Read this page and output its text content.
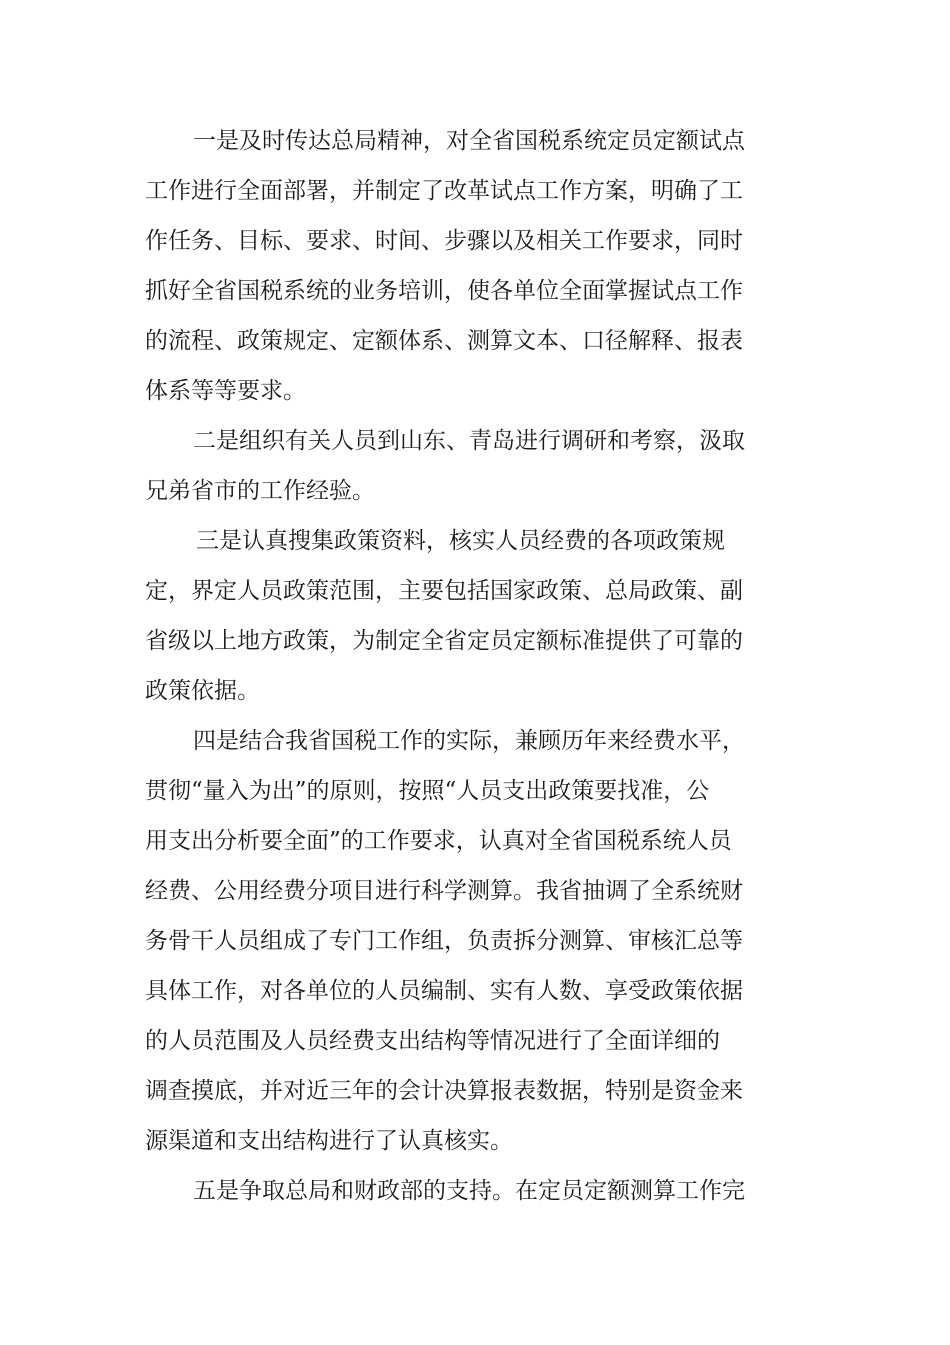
一是及时传达总局精神，对全省国税系统定员定额试点

工作进行全面部署，并制定了改革试点工作方案，明确了工

作任务、目标、要求、时间、步骤以及相关工作要求，同时

抓好全省国税系统的业务培训，使各单位全面掌握试点工作

的流程、政策规定、定额体系、测算文本、口径解释、报表

体系等等要求。

二是组织有关人员到山东、青岛进行调研和考察，汲取

兄弟省市的工作经验。

三是认真搜集政策资料，核实人员经费的各项政策规

定，界定人员政策范围，主要包括国家政策、总局政策、副

省级以上地方政策，为制定全省定员定额标准提供了可靠的

政策依据。

四是结合我省国税工作的实际，兼顾历年来经费水平，

贯彻“量入为出”的原则，按照“人员支出政策要找准，公

用支出分析要全面”的工作要求，认真对全省国税系统人员

经费、公用经费分项目进行科学测算。我省抽调了全系统财

务骨干人员组成了专门工作组，负责拆分测算、审核汇总等

具体工作，对各单位的人员编制、实有人数、享受政策依据

的人员范围及人员经费支出结构等情况进行了全面详细的

调查摸底，并对近三年的会计决算报表数据，特别是资金来

源渠道和支出结构进行了认真核实。

五是争取总局和财政部的支持。在定员定额测算工作完
